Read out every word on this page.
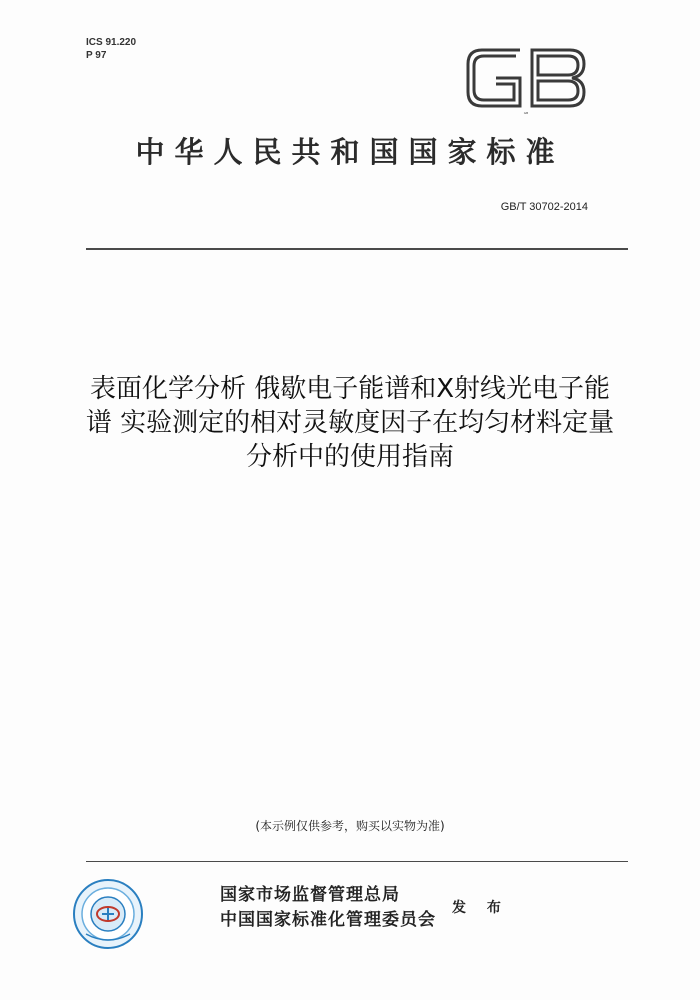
ICS 91.220
P 97
GB
中华人民共和国国家标准
GB/T 30702-2014
表面化学分析 俄歇电子能谱和X射线光电子能
谱 实验测定的相对灵敏度因子在均匀材料定量
分析中的使用指南
(本示例仅供参考，购买以实物为准)
国家市场监督管理总局
中国国家标准化管理委员会
发 布
